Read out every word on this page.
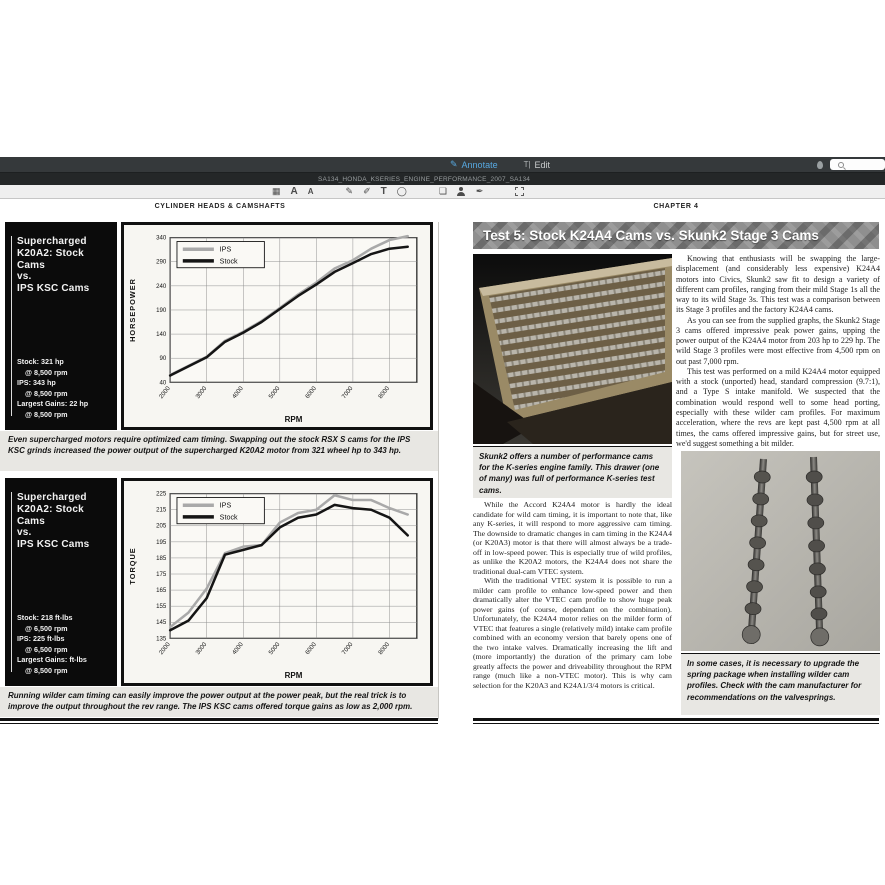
✎ Annotate	T| Edit
SA134_HONDA_KSERIES_ENGINE_PERFORMANCE_2007_SA134
▦ A A	✎ ✐ T ◯	❏	✒
CYLINDER HEADS & CAMSHAFTS
Supercharged
K20A2: Stock
Cams
vs.
IPS KSC Cams
Stock: 321 hp
@ 8,500 rpm
IPS: 343 hp
@ 8,500 rpm
Largest Gains: 22 hp
@ 8,500 rpm
40
90
140
190
240
290
340
2000	3000	4000	5000	6000	7000	8000
HORSEPOWER
RPM
IPS
Stock
Even supercharged motors require optimized cam timing. Swapping out the stock RSX S cams for the IPS KSC grinds increased the power output of the supercharged K20A2 motor from 321 wheel hp to 343 hp.
Supercharged
K20A2: Stock
Cams
vs.
IPS KSC Cams
Stock: 218 ft-lbs
@ 6,500 rpm
IPS: 225 ft-lbs
@ 6,500 rpm
Largest Gains: ft-lbs
@ 8,500 rpm
135
145
155
165
175
185
195
205
215
225
2000	3000	4000	5000	6000	7000	8000
TORQUE
RPM
IPS
Stock
Running wilder cam timing can easily improve the power output at the power peak, but the real trick is to improve the output throughout the rev range. The IPS KSC cams offered torque gains as low as 2,000 rpm.
CHAPTER 4
Test 5: Stock K24A4 Cams vs. Skunk2 Stage 3 Cams
Skunk2 offers a number of performance cams for the K-series engine family. This drawer (one of many) was full of performance K-series test cams.

While the Accord K24A4 motor is hardly the ideal candidate for wild cam timing, it is important to note that, like any K-series, it will respond to more aggressive cam timing. The downside to dramatic changes in cam timing in the K24A4 (or K20A3) motor is that there will almost always be a trade-off in low-speed power. This is especially true of wild profiles, as unlike the K20A2 motors, the K24A4 does not share the traditional dual-cam VTEC system.

With the traditional VTEC system it is possible to run a milder cam profile to enhance low-speed power and then dramatically alter the VTEC cam profile to show huge peak power gains (of course, dependant on the combination). Unfortunately, the K24A4 motor relies on the milder form of VTEC that features a single (relatively mild) intake cam profile combined with an economy version that barely opens one of the two intake valves. Dramatically increasing the lift and (more importantly) the duration of the primary cam lobe greatly affects the power and driveability throughout the RPM range (much like a non-VTEC motor). This is why cam selection for the K20A3 and K24A1/3/4 motors is critical.

Knowing that enthusiasts will be swapping the large-displacement (and considerably less expensive) K24A4 motors into Civics, Skunk2 saw fit to design a variety of different cam profiles, ranging from their mild Stage 1s all the way to its wild Stage 3s. This test was a comparison between its Stage 3 profiles and the factory K24A4 cams.

As you can see from the supplied graphs, the Skunk2 Stage 3 cams offered impressive peak power gains, upping the power output of the K24A4 motor from 203 hp to 229 hp. The wild Stage 3 profiles were most effective from 4,500 rpm on out past 7,000 rpm.

This test was performed on a mild K24A4 motor equipped with a stock (unported) head, standard compression (9.7:1), and a Type S intake manifold. We suspected that the combination would respond well to some head porting, especially with these wilder cam profiles. For maximum acceleration, where the revs are kept past 4,500 rpm at all times, the cams offered impressive gains, but for street use, we'd suggest something a bit milder.

In some cases, it is necessary to upgrade the spring package when installing wilder cam profiles. Check with the cam manufacturer for recommendations on the valvesprings.
